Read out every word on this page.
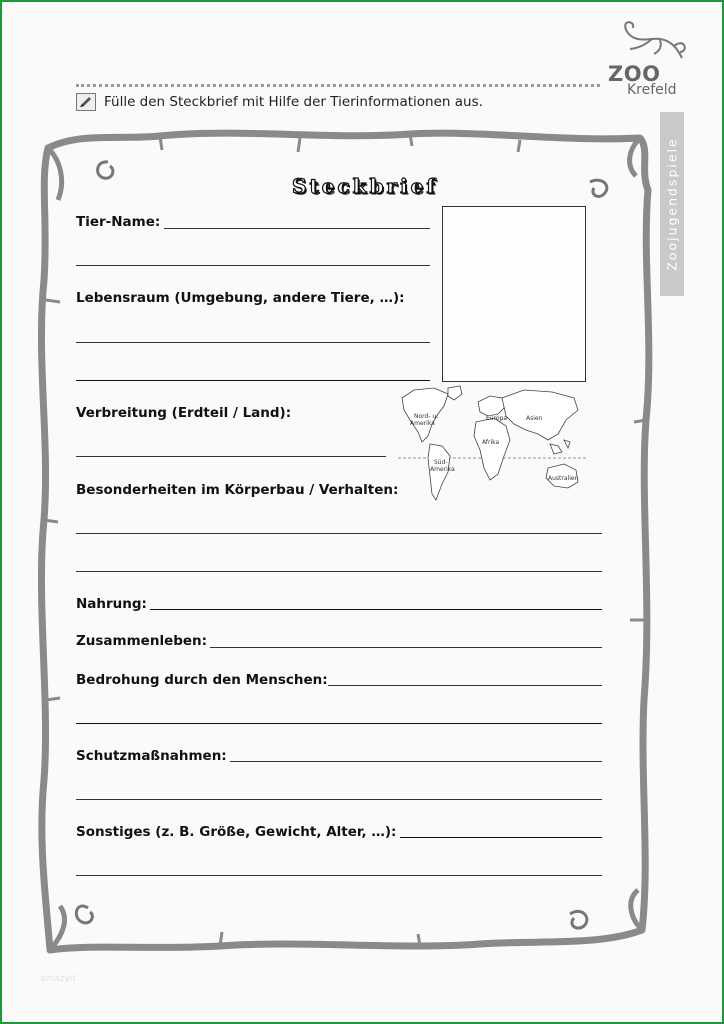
Fülle den Steckbrief mit Hilfe der Tierinformationen aus.
ZOO
Krefeld
Zoojugendspiele
Steckbrief
Tier-Name:
Lebensraum (Umgebung, andere Tiere, …):
Verbreitung (Erdteil / Land):	Nord- u.
Amerika
Europa	Asien
Afrika
Süd-
Amerika
Australien
Besonderheiten im Körperbau / Verhalten:
Nahrung:
Zusammenleben:
Bedrohung durch den Menschen:
Schutzmaßnahmen:
Sonstiges (z. B. Größe, Gewicht, Alter, …):
amazyd
